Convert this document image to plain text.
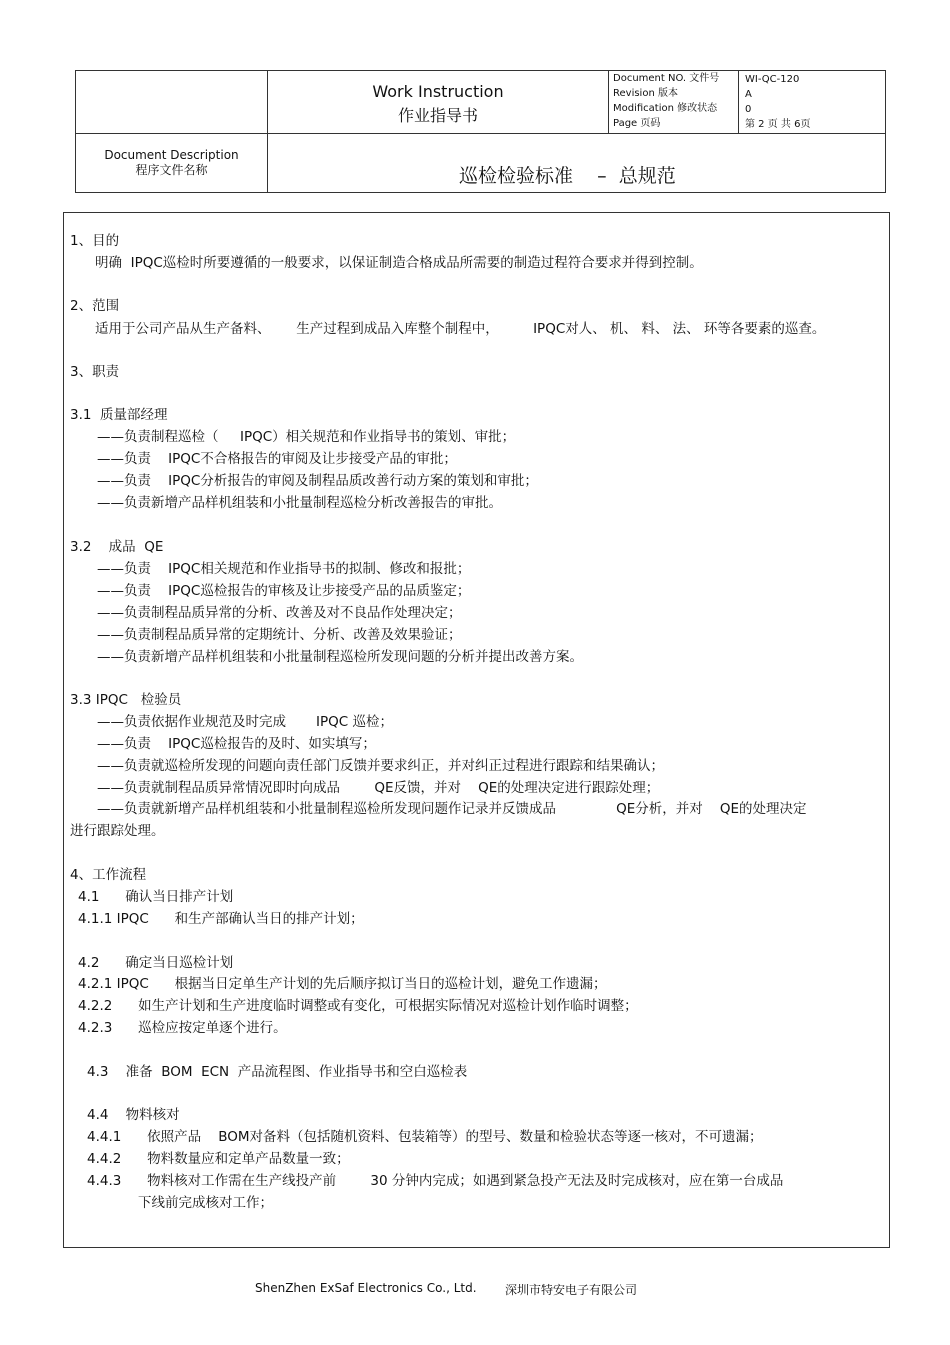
Work Instruction
作业指导书
Document NO. 文件号
Revision 版本
Modification 修改状态
Page 页码
WI-QC-120
A
0
第 2 页 共 6页
Document Description
程序文件名称	巡检检验标准    –  总规范
1、目的
明确  IPQC巡检时所要遵循的一般要求，以保证制造合格成品所需要的制造过程符合要求并得到控制。
2、范围
适用于公司产品从生产备料、      生产过程到成品入库整个制程中，        IPQC对人、 机、 料、 法、 环等各要素的巡查。
3、职责
3.1  质量部经理
——负责制程巡检（     IPQC）相关规范和作业指导书的策划、审批；
——负责    IPQC不合格报告的审阅及让步接受产品的审批；
——负责    IPQC分析报告的审阅及制程品质改善行动方案的策划和审批；
——负责新增产品样机组装和小批量制程巡检分析改善报告的审批。
3.2    成品  QE
——负责    IPQC相关规范和作业指导书的拟制、修改和报批；
——负责    IPQC巡检报告的审核及让步接受产品的品质鉴定；
——负责制程品质异常的分析、改善及对不良品作处理决定；
——负责制程品质异常的定期统计、分析、改善及效果验证；
——负责新增产品样机组装和小批量制程巡检所发现问题的分析并提出改善方案。
3.3 IPQC   检验员
——负责依据作业规范及时完成       IPQC 巡检；
——负责    IPQC巡检报告的及时、如实填写；
——负责就巡检所发现的问题向责任部门反馈并要求纠正，并对纠正过程进行跟踪和结果确认；
——负责就制程品质异常情况即时向成品        QE反馈，并对    QE的处理决定进行跟踪处理；
——负责就新增产品样机组装和小批量制程巡检所发现问题作记录并反馈成品              QE分析，并对    QE的处理决定
进行跟踪处理。
4、工作流程
4.1      确认当日排产计划
4.1.1 IPQC      和生产部确认当日的排产计划；
4.2      确定当日巡检计划
4.2.1 IPQC      根据当日定单生产计划的先后顺序拟订当日的巡检计划，避免工作遗漏；
4.2.2      如生产计划和生产进度临时调整或有变化，可根据实际情况对巡检计划作临时调整；
4.2.3      巡检应按定单逐个进行。
4.3    准备  BOM  ECN  产品流程图、作业指导书和空白巡检表
4.4    物料核对
4.4.1      依照产品    BOM对备料（包括随机资料、包装箱等）的型号、数量和检验状态等逐一核对，不可遗漏；
4.4.2      物料数量应和定单产品数量一致；
4.4.3      物料核对工作需在生产线投产前        30 分钟内完成；如遇到紧急投产无法及时完成核对，应在第一台成品
下线前完成核对工作；
ShenZhen ExSaf Electronics Co., Ltd. 深圳市特安电子有限公司
